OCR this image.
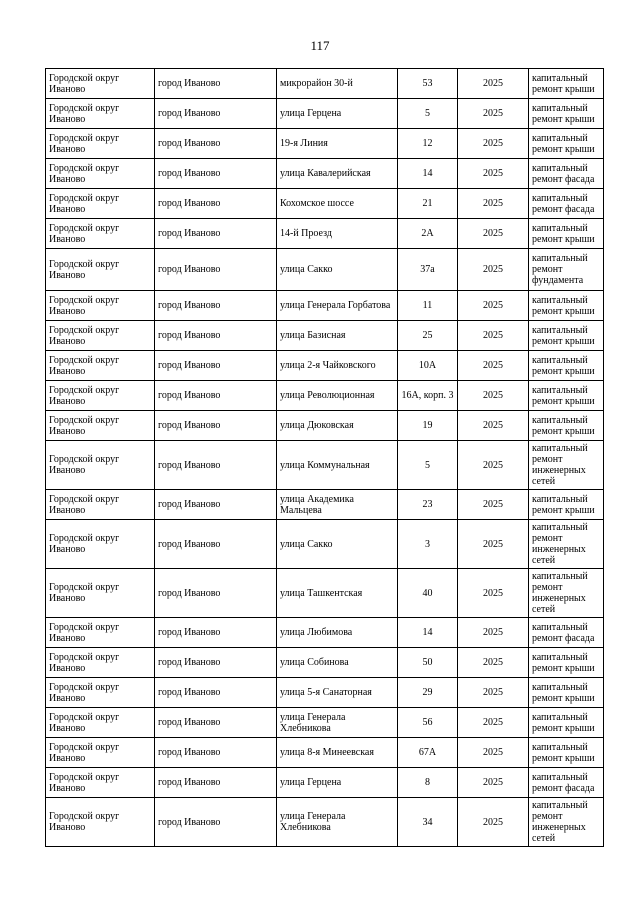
117
Городской округ Иваново	город Иваново	микрорайон 30-й	53	2025	капитальный ремонт крыши
Городской округ Иваново	город Иваново	улица Герцена	5	2025	капитальный ремонт крыши
Городской округ Иваново	город Иваново	19-я Линия	12	2025	капитальный ремонт крыши
Городской округ Иваново	город Иваново	улица Кавалерийская	14	2025	капитальный ремонт фасада
Городской округ Иваново	город Иваново	Кохомское шоссе	21	2025	капитальный ремонт фасада
Городской округ Иваново	город Иваново	14-й Проезд	2А	2025	капитальный ремонт крыши
Городской округ Иваново	город Иваново	улица Сакко	37а	2025	капитальный ремонт фундамента
Городской округ Иваново	город Иваново	улица Генерала Горбатова	11	2025	капитальный ремонт крыши
Городской округ Иваново	город Иваново	улица Базисная	25	2025	капитальный ремонт крыши
Городской округ Иваново	город Иваново	улица 2-я Чайковского	10А	2025	капитальный ремонт крыши
Городской округ Иваново	город Иваново	улица Революционная	16А, корп. 3	2025	капитальный ремонт крыши
Городской округ Иваново	город Иваново	улица Дюковская	19	2025	капитальный ремонт крыши
Городской округ Иваново	город Иваново	улица Коммунальная	5	2025	капитальный ремонт инженерных сетей
Городской округ Иваново	город Иваново	улица Академика Мальцева	23	2025	капитальный ремонт крыши
Городской округ Иваново	город Иваново	улица Сакко	3	2025	капитальный ремонт инженерных сетей
Городской округ Иваново	город Иваново	улица Ташкентская	40	2025	капитальный ремонт инженерных сетей
Городской округ Иваново	город Иваново	улица Любимова	14	2025	капитальный ремонт фасада
Городской округ Иваново	город Иваново	улица Собинова	50	2025	капитальный ремонт крыши
Городской округ Иваново	город Иваново	улица 5-я Санаторная	29	2025	капитальный ремонт крыши
Городской округ Иваново	город Иваново	улица Генерала Хлебникова	56	2025	капитальный ремонт крыши
Городской округ Иваново	город Иваново	улица 8-я Минеевская	67А	2025	капитальный ремонт крыши
Городской округ Иваново	город Иваново	улица Герцена	8	2025	капитальный ремонт фасада
Городской округ Иваново	город Иваново	улица Генерала Хлебникова	34	2025	капитальный ремонт инженерных сетей
